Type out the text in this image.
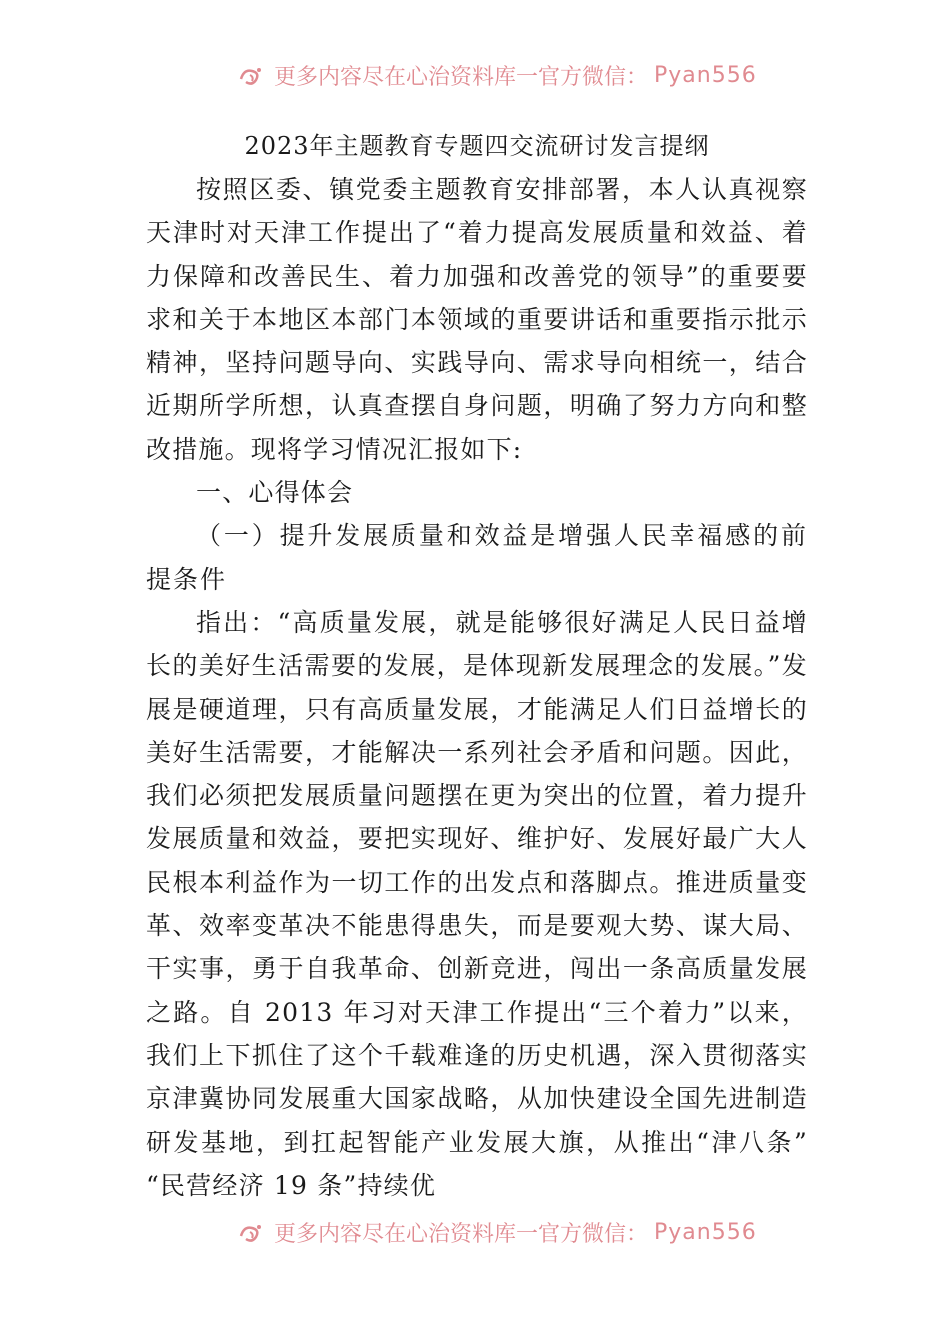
更多内容尽在心治资料库一官方微信： Pyan556
2023年主题教育专题四交流研讨发言提纲

按照区委、镇党委主题教育安排部署，本人认真视察天津时对天津工作提出了“着力提高发展质量和效益、着力保障和改善民生、着力加强和改善党的领导”的重要要求和关于本地区本部门本领域的重要讲话和重要指示批示精神，坚持问题导向、实践导向、需求导向相统一，结合近期所学所想，认真查摆自身问题，明确了努力方向和整改措施。现将学习情况汇报如下:

一、心得体会

（一）提升发展质量和效益是增强人民幸福感的前提条件

指出：“高质量发展，就是能够很好满足人民日益增长的美好生活需要的发展，是体现新发展理念的发展。”发展是硬道理，只有高质量发展，才能满足人们日益增长的美好生活需要，才能解决一系列社会矛盾和问题。因此，我们必须把发展质量问题摆在更为突出的位置，着力提升发展质量和效益，要把实现好、维护好、发展好最广大人民根本利益作为一切工作的出发点和落脚点。推进质量变革、效率变革决不能患得患失，而是要观大势、谋大局、干实事，勇于自我革命、创新竞进，闯出一条高质量发展之路。自 2013 年习对天津工作提出“三个着力”以来，我们上下抓住了这个千载难逢的历史机遇，深入贯彻落实京津冀协同发展重大国家战略，从加快建设全国先进制造研发基地，到扛起智能产业发展大旗，从推出“津八条” “民营经济 19 条”持续优

更多内容尽在心治资料库一官方微信： Pyan556
